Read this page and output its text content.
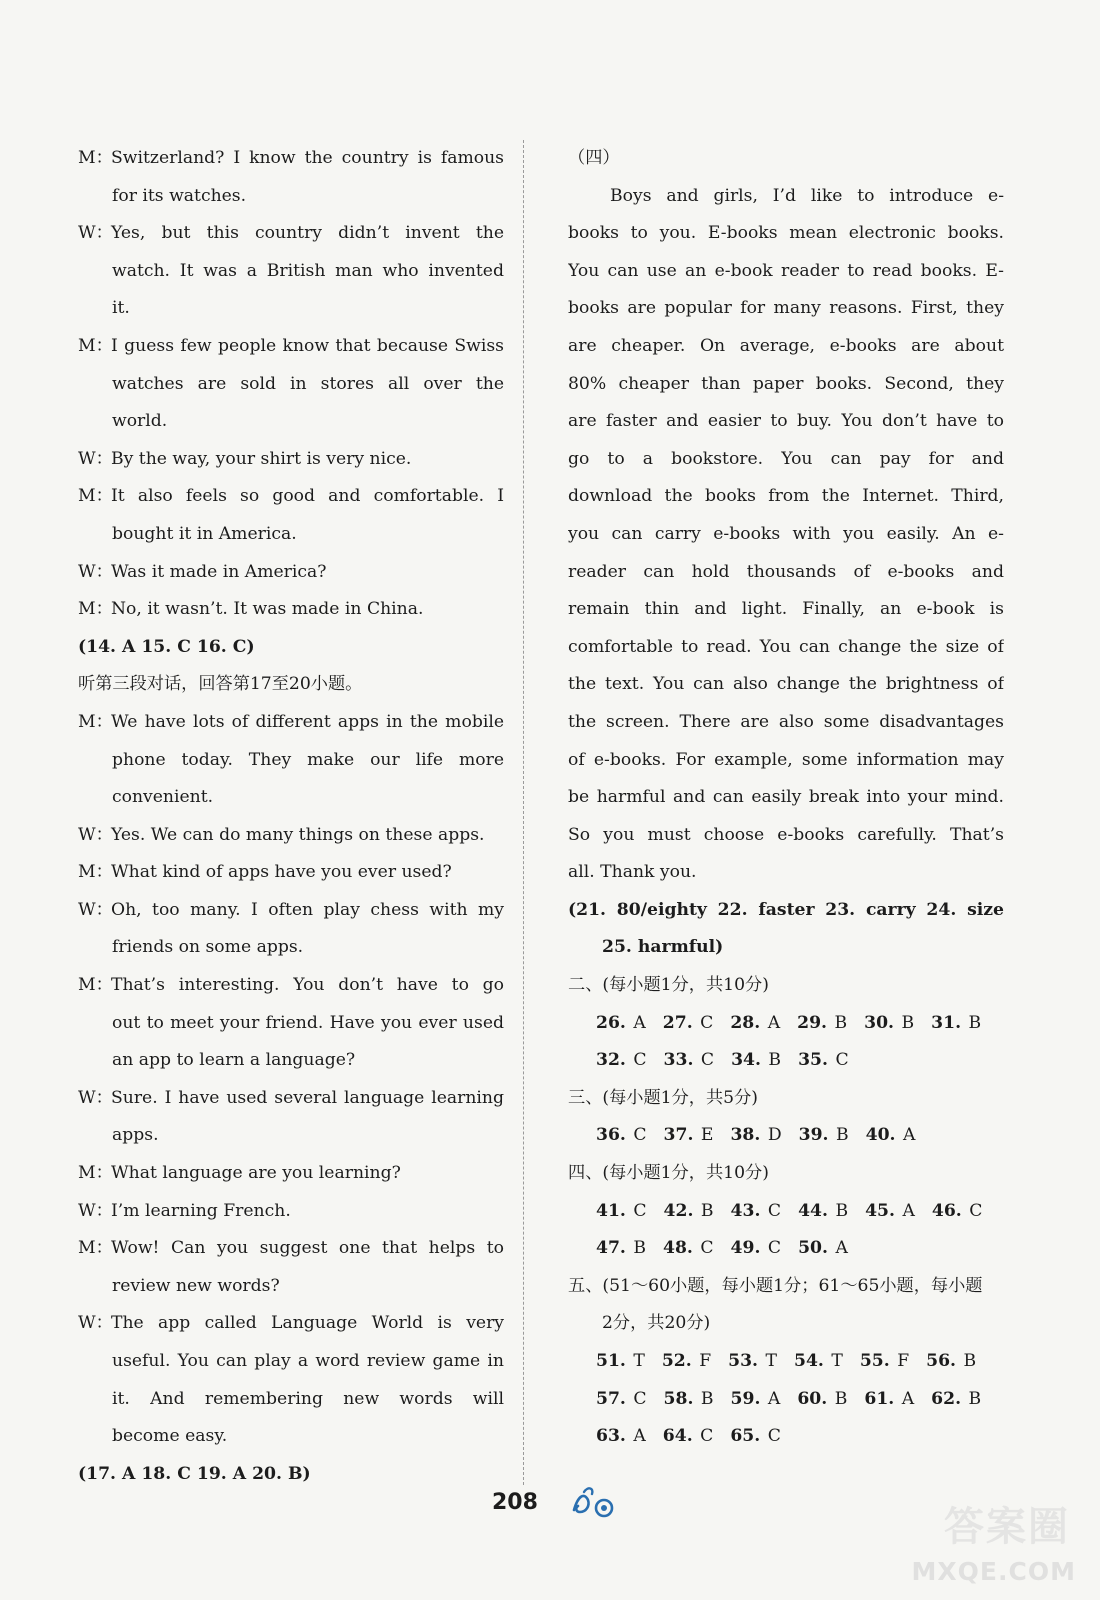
M：Switzerland? I know the country is famous
for its watches.
W：Yes, but this country didn’t invent the
watch. It was a British man who invented
it.
M：I guess few people know that because Swiss
watches are sold in stores all over the
world.
W：By the way, your shirt is very nice.
M：It also feels so good and comfortable. I
bought it in America.
W：Was it made in America?
M：No, it wasn’t. It was made in China.
(14. A 15. C 16. C)
听第三段对话，回答第17至20小题。
M：We have lots of different apps in the mobile
phone today. They make our life more
convenient.
W：Yes. We can do many things on these apps.
M：What kind of apps have you ever used?
W：Oh, too many. I often play chess with my
friends on some apps.
M：That’s interesting. You don’t have to go
out to meet your friend. Have you ever used
an app to learn a language?
W：Sure. I have used several language learning
apps.
M：What language are you learning?
W：I’m learning French.
M：Wow! Can you suggest one that helps to
review new words?
W：The app called Language World is very
useful. You can play a word review game in
it. And remembering new words will
become easy.
(17. A 18. C 19. A 20. B)
（四）
Boys and girls, I’d like to introduce e-
books to you. E-books mean electronic books.
You can use an e-book reader to read books. E-
books are popular for many reasons. First, they
are cheaper. On average, e-books are about
80% cheaper than paper books. Second, they
are faster and easier to buy. You don’t have to
go to a bookstore. You can pay for and
download the books from the Internet. Third,
you can carry e-books with you easily. An e-
reader can hold thousands of e-books and
remain thin and light. Finally, an e-book is
comfortable to read. You can change the size of
the text. You can also change the brightness of
the screen. There are also some disadvantages
of e-books. For example, some information may
be harmful and can easily break into your mind.
So you must choose e-books carefully. That’s
all. Thank you.
(21. 80/eighty 22. faster 23. carry 24. size
25. harmful)
二、(每小题1分，共10分)
26. A 27. C 28. A 29. B 30. B 31. B
32. C 33. C 34. B 35. C
三、(每小题1分，共5分)
36. C 37. E 38. D 39. B 40. A
四、(每小题1分，共10分)
41. C 42. B 43. C 44. B 45. A 46. C
47. B 48. C 49. C 50. A
五、(51～60小题，每小题1分；61～65小题，每小题
2分，共20分)
51. T 52. F 53. T 54. T 55. F 56. B
57. C 58. B 59. A 60. B 61. A 62. B
63. A 64. C 65. C
208
答案圈
MXQE.COM
